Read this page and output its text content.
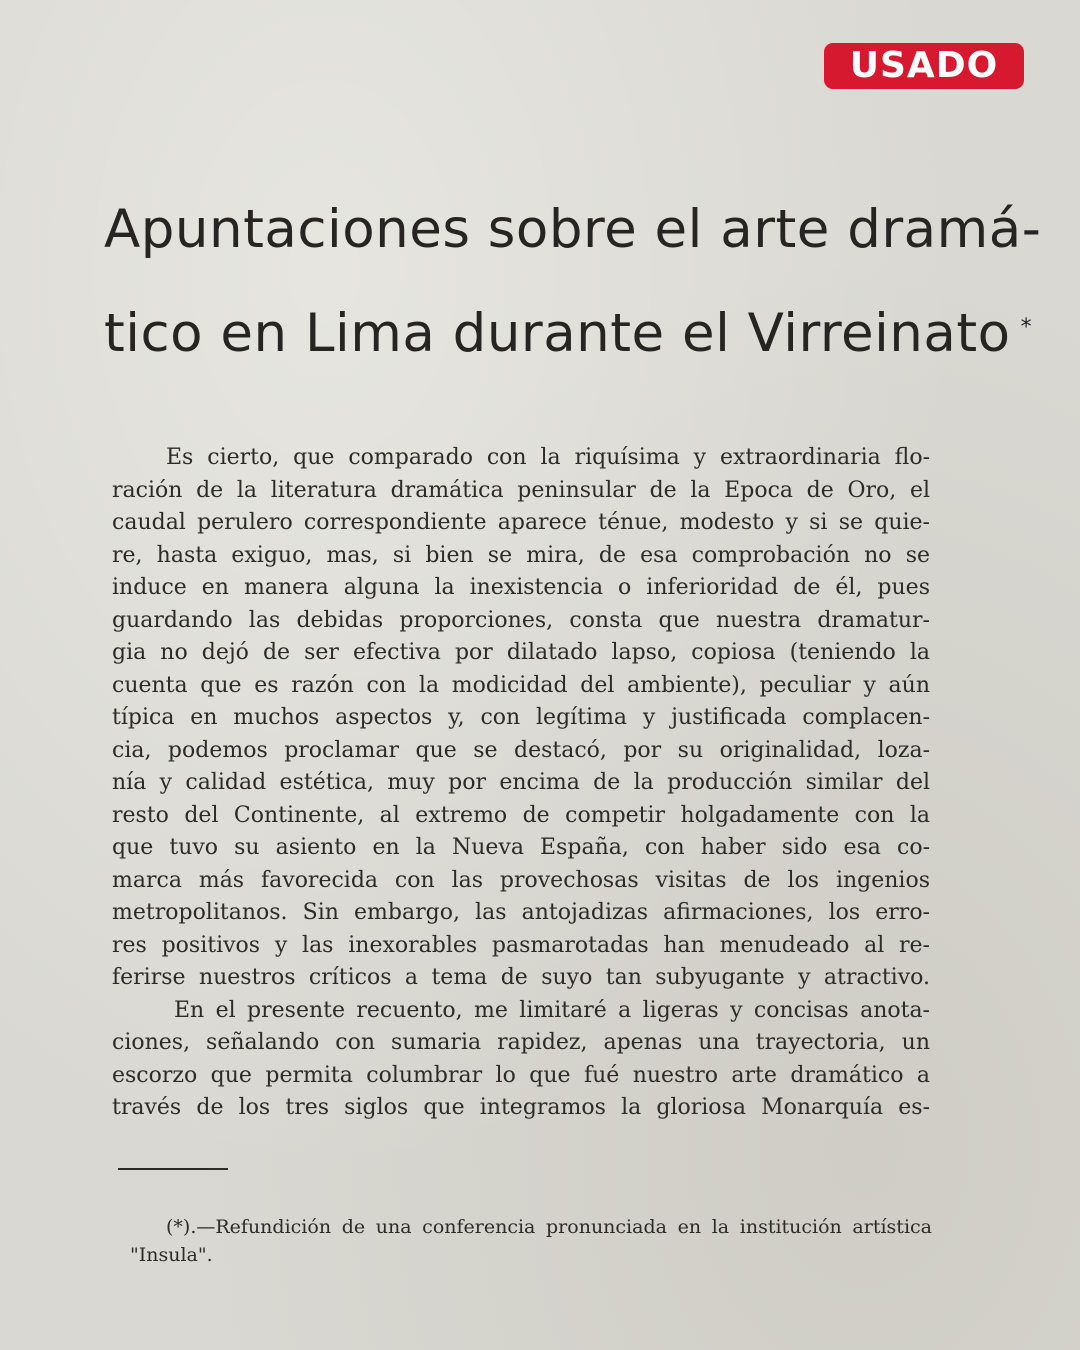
USADO
Apuntaciones sobre el arte dramá-
tico en Lima durante el Virreinato *
Es cierto, que comparado con la riquísima y extraordinaria flo-
ración de la literatura dramática peninsular de la Epoca de Oro, el
caudal perulero correspondiente aparece ténue, modesto y si se quie-
re, hasta exiguo, mas, si bien se mira, de esa comprobación no se
induce en manera alguna la inexistencia o inferioridad de él, pues
guardando las debidas proporciones, consta que nuestra dramatur-
gia no dejó de ser efectiva por dilatado lapso, copiosa (teniendo la
cuenta que es razón con la modicidad del ambiente), peculiar y aún
típica en muchos aspectos y, con legítima y justificada complacen-
cia, podemos proclamar que se destacó, por su originalidad, loza-
nía y calidad estética, muy por encima de la producción similar del
resto del Continente, al extremo de competir holgadamente con la
que tuvo su asiento en la Nueva España, con haber sido esa co-
marca más favorecida con las provechosas visitas de los ingenios
metropolitanos. Sin embargo, las antojadizas afirmaciones, los erro-
res positivos y las inexorables pasmarotadas han menudeado al re-
ferirse nuestros críticos a tema de suyo tan subyugante y atractivo.
En el presente recuento, me limitaré a ligeras y concisas anota-
ciones, señalando con sumaria rapidez, apenas una trayectoria, un
escorzo que permita columbrar lo que fué nuestro arte dramático a
través de los tres siglos que integramos la gloriosa Monarquía es-
(*).—Refundición de una conferencia pronunciada en la institución artística
"Insula".
